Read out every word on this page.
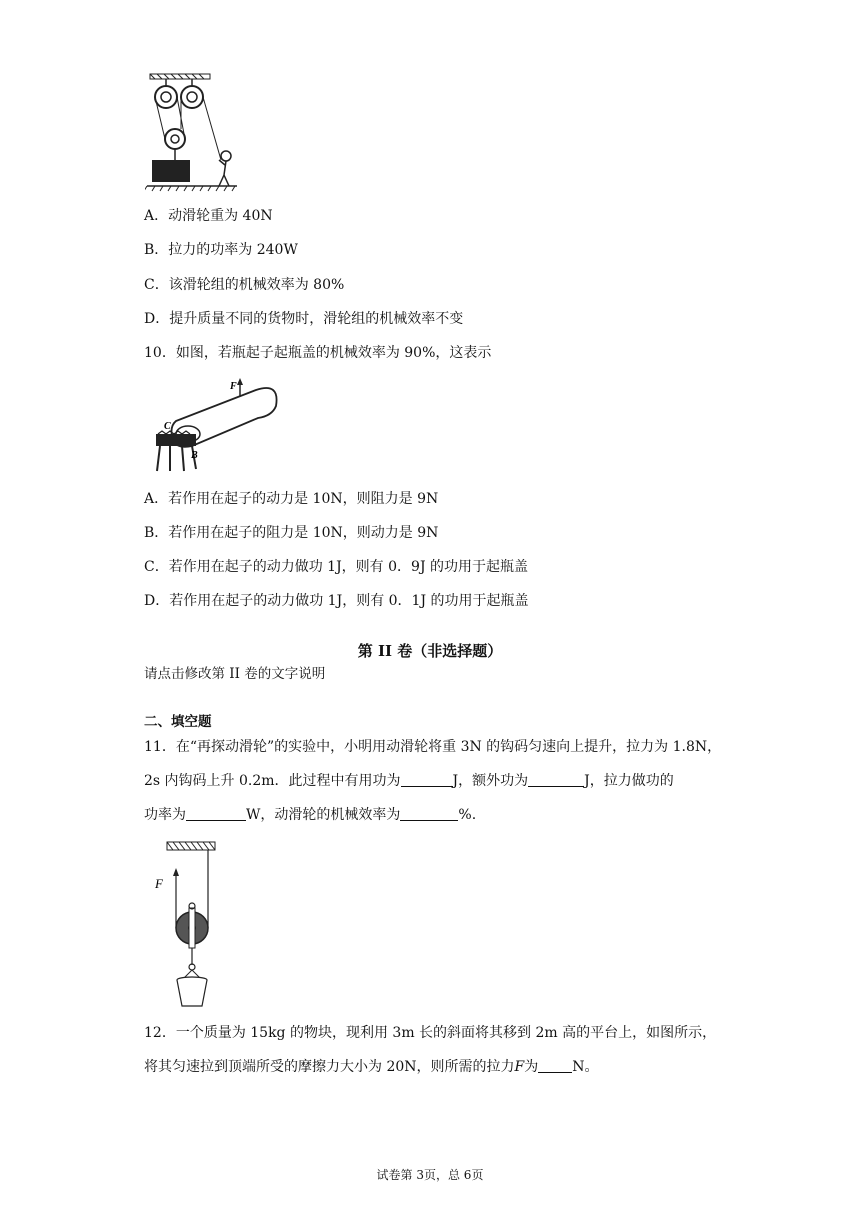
A．动滑轮重为 40N
B．拉力的功率为 240W
C．该滑轮组的机械效率为 80%
D．提升质量不同的货物时，滑轮组的机械效率不变
10．如图，若瓶起子起瓶盖的机械效率为 90%，这表示
F
C
B
A．若作用在起子的动力是 10N，则阻力是 9N
B．若作用在起子的阻力是 10N，则动力是 9N
C．若作用在起子的动力做功 1J，则有 0．9J 的功用于起瓶盖
D．若作用在起子的动力做功 1J，则有 0．1J 的功用于起瓶盖
第 II 卷（非选择题）
请点击修改第 II 卷的文字说明
二、填空题
11．在“再探动滑轮”的实验中，小明用动滑轮将重 3N 的钩码匀速向上提升，拉力为 1.8N，
2s 内钩码上升 0.2m．此过程中有用功为	J，额外功为	J，拉力做功的
功率为	W，动滑轮的机械效率为	%.
F
12．一个质量为 15kg 的物块，现利用 3m 长的斜面将其移到 2m 高的平台上，如图所示，
将其匀速拉到顶端所受的摩擦力大小为 20N，则所需的拉力F为 N。
试卷第 3页，总 6页
